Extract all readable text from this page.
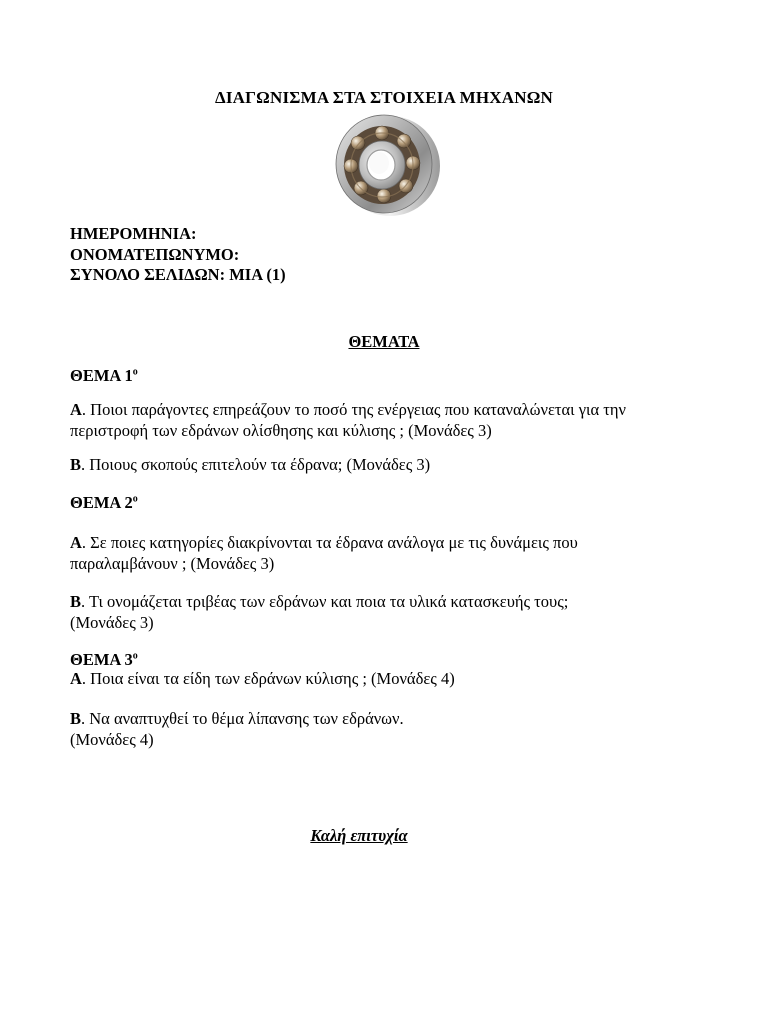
ΔΙΑΓΩΝΙΣΜΑ ΣΤΑ ΣΤΟΙΧΕΙΑ ΜΗΧΑΝΩΝ
ΗΜΕΡΟΜΗΝΙΑ:
ΟΝΟΜΑΤΕΠΩΝΥΜΟ:
ΣΥΝΟΛΟ ΣΕΛΙΔΩΝ: ΜΙΑ (1)
ΘΕΜΑΤΑ
ΘΕΜΑ $1^o$
Α. Ποιοι παράγοντες επηρεάζουν το ποσό της ενέργειας που καταναλώνεται για την
περιστροφή των εδράνων ολίσθησης και κύλισης ; (Μονάδες 3)
Β. Ποιους σκοπούς επιτελούν τα έδρανα; (Μονάδες 3)
ΘΕΜΑ $2^o$
Α. Σε ποιες κατηγορίες διακρίνονται τα έδρανα ανάλογα με τις δυνάμεις που
παραλαμβάνουν ; (Μονάδες 3)
Β. Τι ονομάζεται τριβέας των εδράνων και ποια τα υλικά κατασκευής τους;
(Μονάδες 3)
ΘΕΜΑ $3^o$
Α. Ποια είναι τα είδη των εδράνων κύλισης ; (Μονάδες 4)
Β. Να αναπτυχθεί το θέμα λίπανσης των εδράνων.
(Μονάδες 4)
Καλή επιτυχία
